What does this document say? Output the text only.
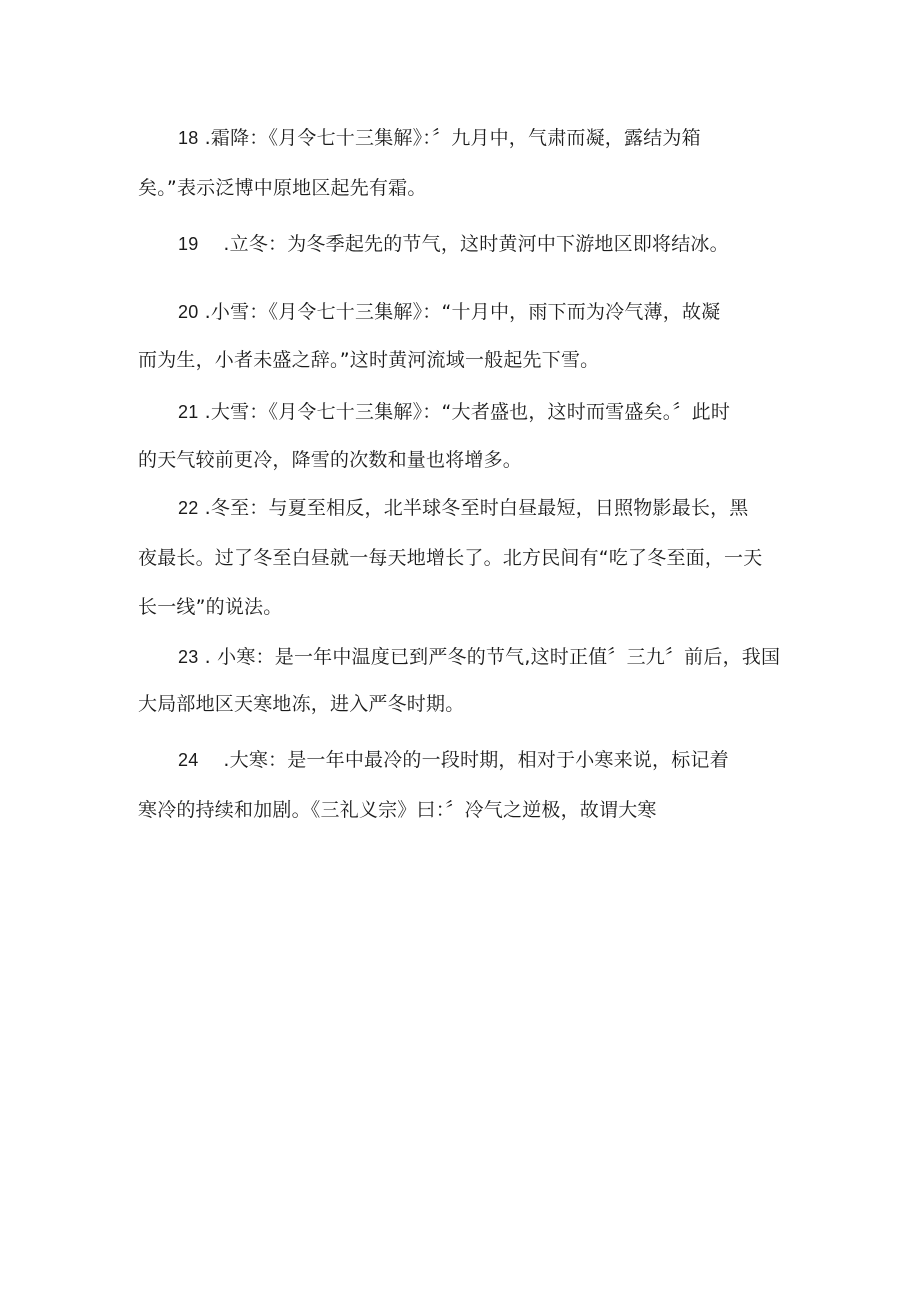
18 .霜降：《月令七十三集解》：〞九月中，气肃而凝，露结为箱
矣。”表示泛博中原地区起先有霜。
19    .立冬：为冬季起先的节气，这时黄河中下游地区即将结冰。
20 .小雪：《月令七十三集解》：“十月中，雨下而为冷气薄，故凝
而为生，小者未盛之辞。”这时黄河流域一般起先下雪。
21 .大雪：《月令七十三集解》：“大者盛也，这时而雪盛矣。〞此时
的天气较前更冷，降雪的次数和量也将增多。
22 .冬至：与夏至相反，北半球冬至时白昼最短，日照物影最长，黑
夜最长。过了冬至白昼就一每天地增长了。北方民间有“吃了冬至面，一天
长一线”的说法。
23 . 小寒：是一年中温度已到严冬的节气,这时正值〞三九〞前后，我国
大局部地区天寒地冻，进入严冬时期。
24    .大寒：是一年中最冷的一段时期，相对于小寒来说，标记着
寒冷的持续和加剧。《三礼义宗》曰：〞冷气之逆极，故谓大寒
